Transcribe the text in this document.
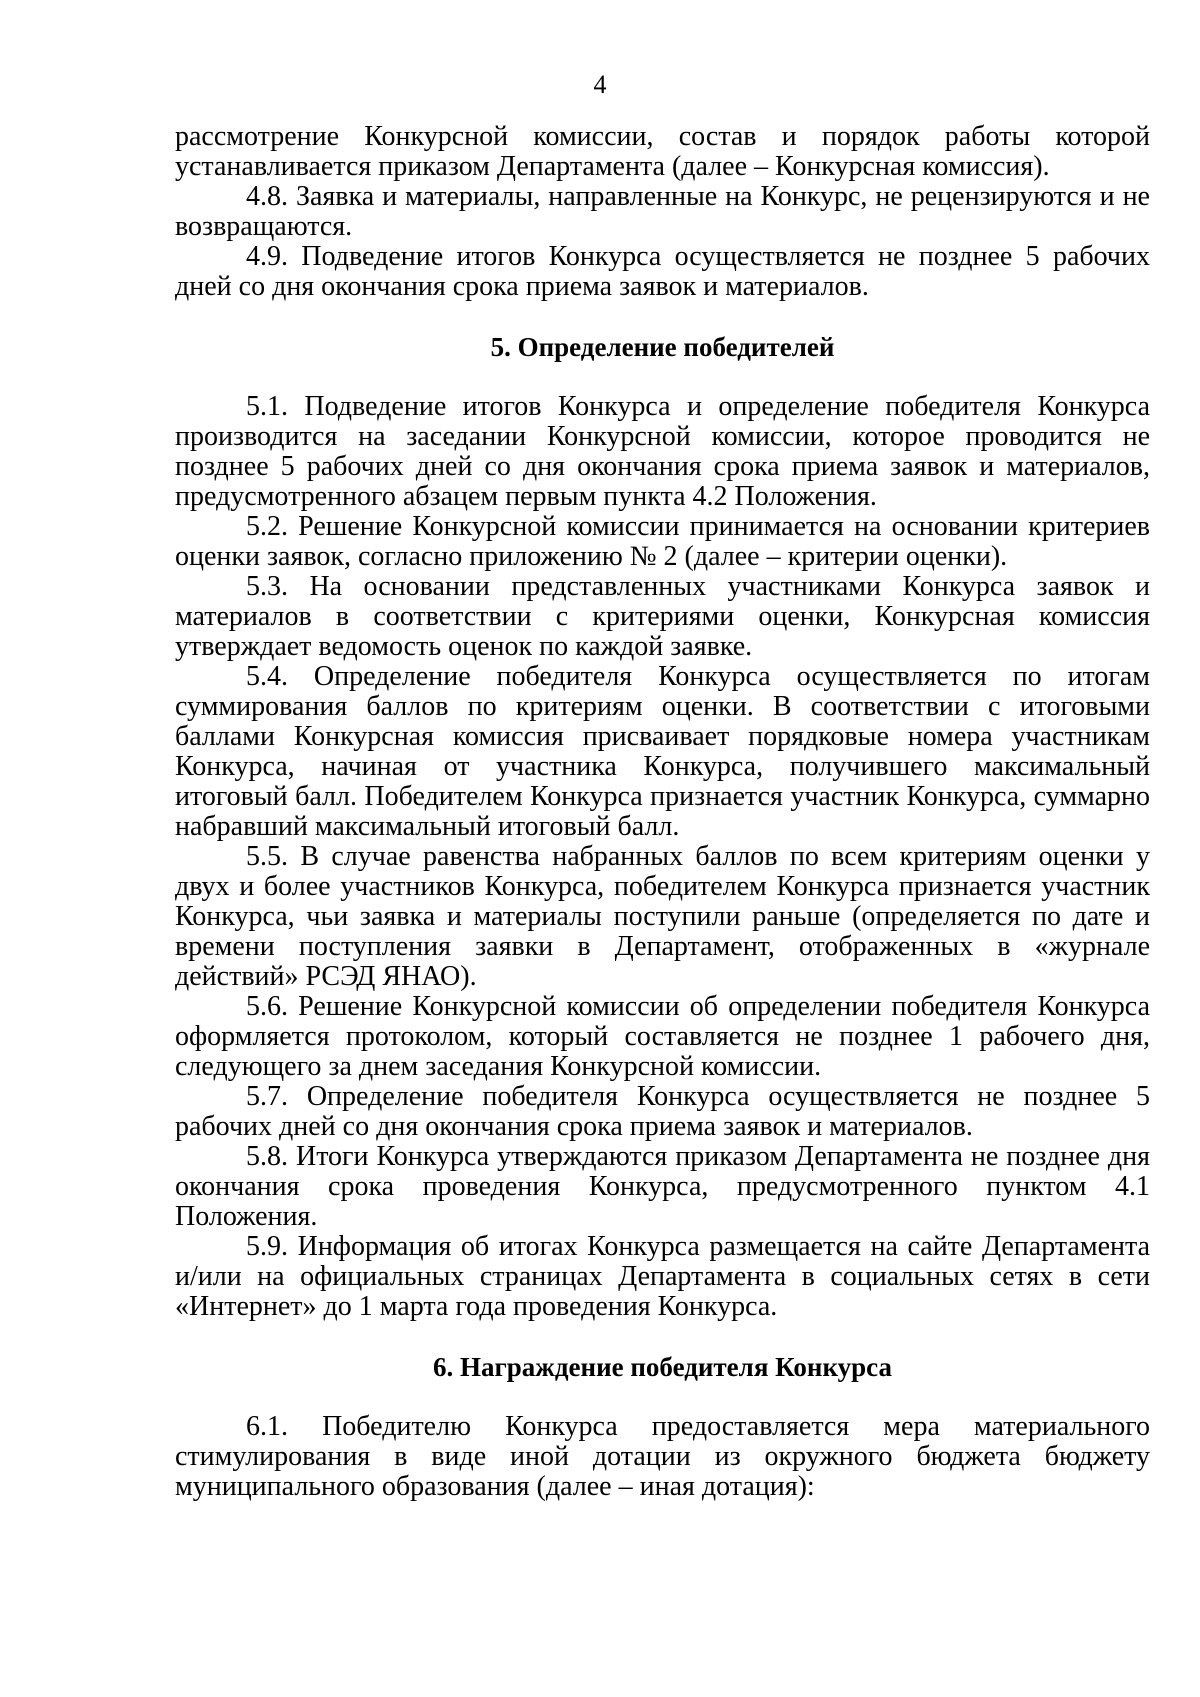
4

рассмотрение Конкурсной комиссии, состав и порядок работы которой устанавливается приказом Департамента (далее – Конкурсная комиссия).

4.8. Заявка и материалы, направленные на Конкурс, не рецензируются и не возвращаются.

4.9. Подведение итогов Конкурса осуществляется не позднее 5 рабочих дней со дня окончания срока приема заявок и материалов.

5. Определение победителей

5.1. Подведение итогов Конкурса и определение победителя Конкурса производится на заседании Конкурсной комиссии, которое проводится не позднее 5 рабочих дней со дня окончания срока приема заявок и материалов, предусмотренного абзацем первым пункта 4.2 Положения.

5.2. Решение Конкурсной комиссии принимается на основании критериев оценки заявок, согласно приложению № 2 (далее – критерии оценки).

5.3. На основании представленных участниками Конкурса заявок и материалов в соответствии с критериями оценки, Конкурсная комиссия утверждает ведомость оценок по каждой заявке.

5.4. Определение победителя Конкурса осуществляется по итогам суммирования баллов по критериям оценки. В соответствии с итоговыми баллами Конкурсная комиссия присваивает порядковые номера участникам Конкурса, начиная от участника Конкурса, получившего максимальный итоговый балл. Победителем Конкурса признается участник Конкурса, суммарно набравший максимальный итоговый балл.

5.5. В случае равенства набранных баллов по всем критериям оценки у двух и более участников Конкурса, победителем Конкурса признается участник Конкурса, чьи заявка и материалы поступили раньше (определяется по дате и времени поступления заявки в Департамент, отображенных в «журнале действий» РСЭД ЯНАО).

5.6. Решение Конкурсной комиссии об определении победителя Конкурса оформляется протоколом, который составляется не позднее 1 рабочего дня, следующего за днем заседания Конкурсной комиссии.

5.7. Определение победителя Конкурса осуществляется не позднее 5 рабочих дней со дня окончания срока приема заявок и материалов.

5.8. Итоги Конкурса утверждаются приказом Департамента не позднее дня окончания срока проведения Конкурса, предусмотренного пунктом 4.1 Положения.

5.9. Информация об итогах Конкурса размещается на сайте Департамента и/или на официальных страницах Департамента в социальных сетях в сети «Интернет» до 1 марта года проведения Конкурса.

6. Награждение победителя Конкурса

6.1. Победителю Конкурса предоставляется мера материального стимулирования в виде иной дотации из окружного бюджета бюджету муниципального образования (далее – иная дотация):
